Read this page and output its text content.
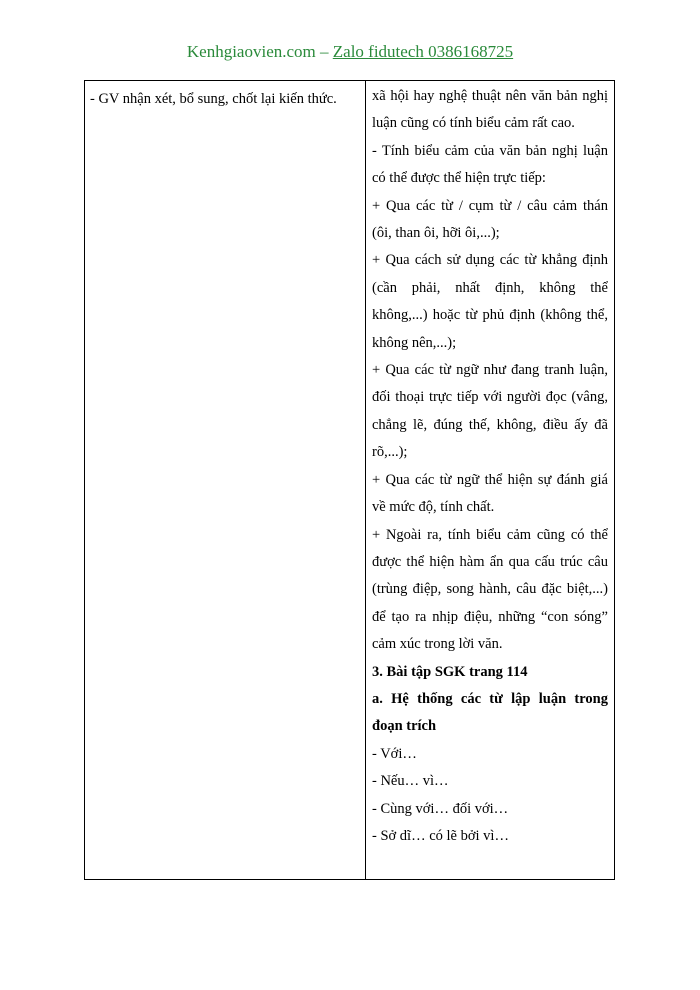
Kenhgiaovien.com – Zalo fidutech 0386168725
- GV nhận xét, bổ sung, chốt lại kiến thức.	xã hội hay nghệ thuật nên văn bản nghị luận cũng có tính biểu cảm rất cao.

- Tính biểu cảm của văn bản nghị luận có thể được thể hiện trực tiếp:

+ Qua các từ / cụm từ / câu cảm thán (ôi, than ôi, hỡi ôi,...);

+ Qua cách sử dụng các từ khẳng định (cần phải, nhất định, không thể không,...) hoặc từ phủ định (không thể, không nên,...);

+ Qua các từ ngữ như đang tranh luận, đối thoại trực tiếp với người đọc (vâng, chẳng lẽ, đúng thế, không, điều ấy đã rõ,...);

+ Qua các từ ngữ thể hiện sự đánh giá về mức độ, tính chất.

+ Ngoài ra, tính biểu cảm cũng có thể được thể hiện hàm ẩn qua cấu trúc câu (trùng điệp, song hành, câu đặc biệt,...) để tạo ra nhịp điệu, những “con sóng” cảm xúc trong lời văn.

3. Bài tập SGK trang 114

a. Hệ thống các từ lập luận trong đoạn trích

- Với…

- Nếu… vì…

- Cùng với… đối với…

- Sở dĩ… có lẽ bởi vì…
